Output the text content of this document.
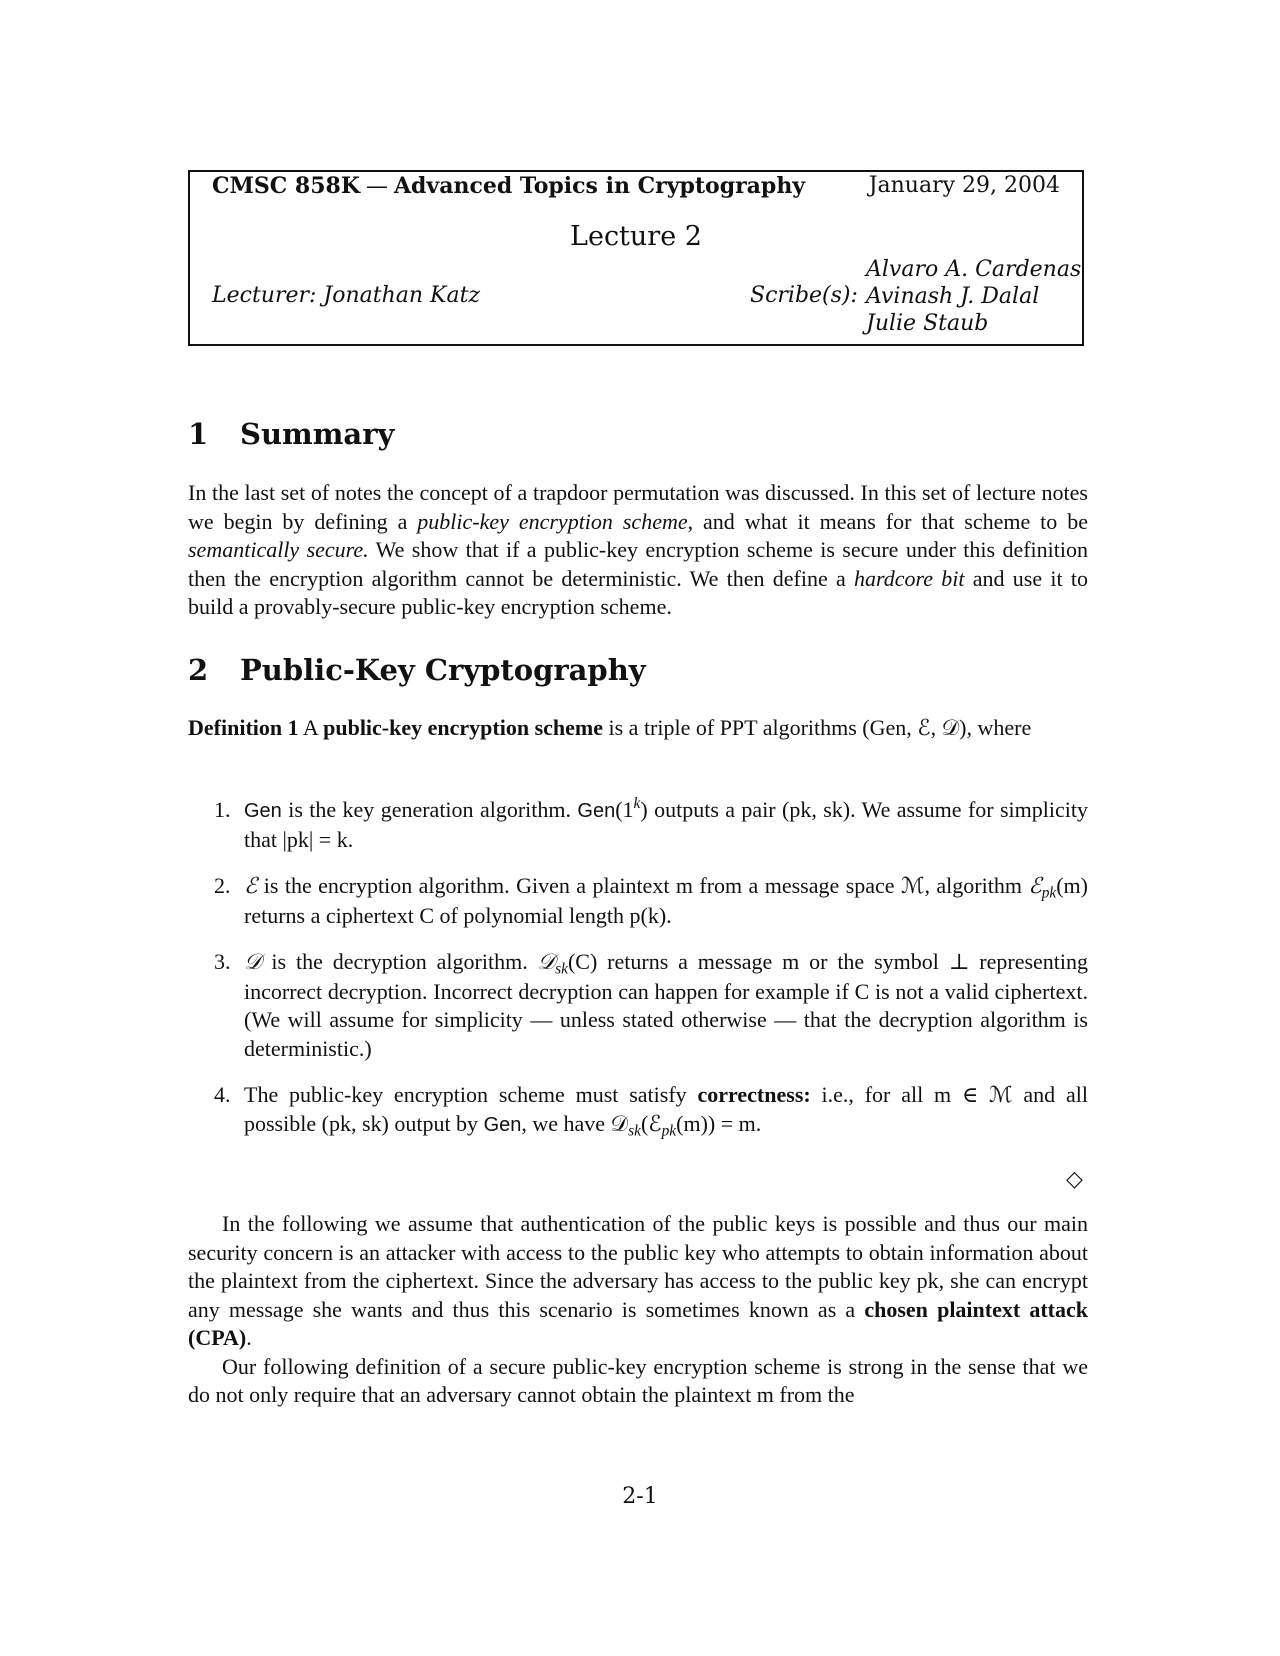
CMSC 858K — Advanced Topics in Cryptography	January 29, 2004
Lecture 2
Lecturer: Jonathan Katz	Scribe(s):
Alvaro A. Cardenas
Avinash J. Dalal
Julie Staub
1 Summary

In the last set of notes the concept of a trapdoor permutation was discussed. In this set of lecture notes we begin by defining a public-key encryption scheme, and what it means for that scheme to be semantically secure. We show that if a public-key encryption scheme is secure under this definition then the encryption algorithm cannot be deterministic. We then define a hardcore bit and use it to build a provably-secure public-key encryption scheme.

2 Public-Key Cryptography

Definition 1 A public-key encryption scheme is a triple of PPT algorithms (Gen, ℰ, 𝒟), where

1. Gen is the key generation algorithm. Gen(1$^k$) outputs a pair (pk, sk). We assume for simplicity that |pk| = k.
2. ℰ is the encryption algorithm. Given a plaintext m from a message space ℳ, algorithm ℰ$_{pk}$(m) returns a ciphertext C of polynomial length p(k).
3. 𝒟 is the decryption algorithm. 𝒟$_{sk}$(C) returns a message m or the symbol ⊥ representing incorrect decryption. Incorrect decryption can happen for example if C is not a valid ciphertext. (We will assume for simplicity — unless stated otherwise — that the decryption algorithm is deterministic.)
4. The public-key encryption scheme must satisfy correctness: i.e., for all m ∈ ℳ and all possible (pk, sk) output by Gen, we have 𝒟$_{sk}$(ℰ$_{pk}$(m)) = m.
◇

In the following we assume that authentication of the public keys is possible and thus our main security concern is an attacker with access to the public key who attempts to obtain information about the plaintext from the ciphertext. Since the adversary has access to the public key pk, she can encrypt any message she wants and thus this scenario is sometimes known as a chosen plaintext attack (CPA).

Our following definition of a secure public-key encryption scheme is strong in the sense that we do not only require that an adversary cannot obtain the plaintext m from the

2-1
